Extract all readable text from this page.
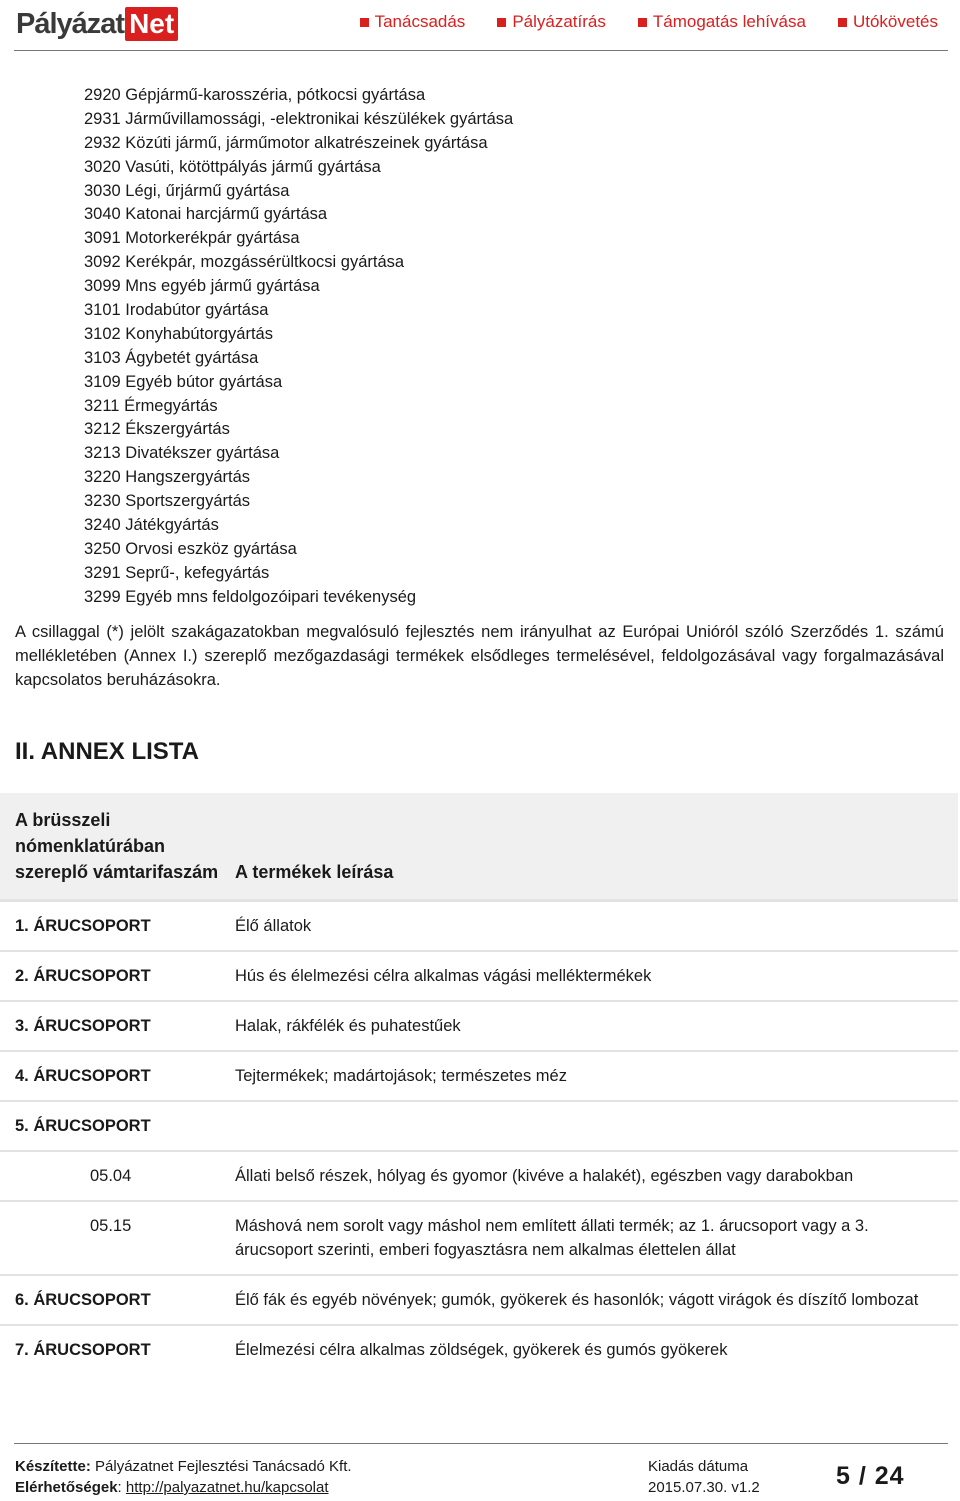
Pályázat Net	Tanácsadás	Pályázatírás	Támogatás lehívása	Utókövetés
2920 Gépjármű-karosszéria, pótkocsi gyártása
2931 Járművillamossági, -elektronikai készülékek gyártása
2932 Közúti jármű, járműmotor alkatrészeinek gyártása
3020 Vasúti, kötöttpályás jármű gyártása
3030 Légi, űrjármű gyártása
3040 Katonai harcjármű gyártása
3091 Motorkerékpár gyártása
3092 Kerékpár, mozgássérültkocsi gyártása
3099 Mns egyéb jármű gyártása
3101 Irodabútor gyártása
3102 Konyhabútorgyártás
3103 Ágybetét gyártása
3109 Egyéb bútor gyártása
3211 Érmegyártás
3212 Ékszergyártás
3213 Divatékszer gyártása
3220 Hangszergyártás
3230 Sportszergyártás
3240 Játékgyártás
3250 Orvosi eszköz gyártása
3291 Seprű-, kefegyártás
3299 Egyéb mns feldolgozóipari tevékenység

A csillaggal (*) jelölt szakágazatokban megvalósuló fejlesztés nem irányulhat az Európai Unióról szóló Szerződés 1. számú mellékletében (Annex I.) szereplő mezőgazdasági termékek elsődleges termelésével, feldolgozásával vagy forgalmazásával kapcsolatos beruházásokra.

II. ANNEX LISTA
A brüsszeli nómenklatúrában szereplő vámtarifaszám	A termékek leírása
1. ÁRUCSOPORT	Élő állatok
2. ÁRUCSOPORT	Hús és élelmezési célra alkalmas vágási melléktermékek
3. ÁRUCSOPORT	Halak, rákfélék és puhatestűek
4. ÁRUCSOPORT	Tejtermékek; madártojások; természetes méz
5. ÁRUCSOPORT	
05.04	Állati belső részek, hólyag és gyomor (kivéve a halakét), egészben vagy darabokban
05.15	Máshová nem sorolt vagy máshol nem említett állati termék; az 1. árucsoport vagy a 3. árucsoport szerinti, emberi fogyasztásra nem alkalmas élettelen állat
6. ÁRUCSOPORT	Élő fák és egyéb növények; gumók, gyökerek és hasonlók; vágott virágok és díszítő lombozat
7. ÁRUCSOPORT	Élelmezési célra alkalmas zöldségek, gyökerek és gumós gyökerek
Készítette: Pályázatnet Fejlesztési Tanácsadó Kft.
Elérhetőségek: http://palyazatnet.hu/kapcsolat
Kiadás dátuma
2015.07.30. v1.2	5 / 24
